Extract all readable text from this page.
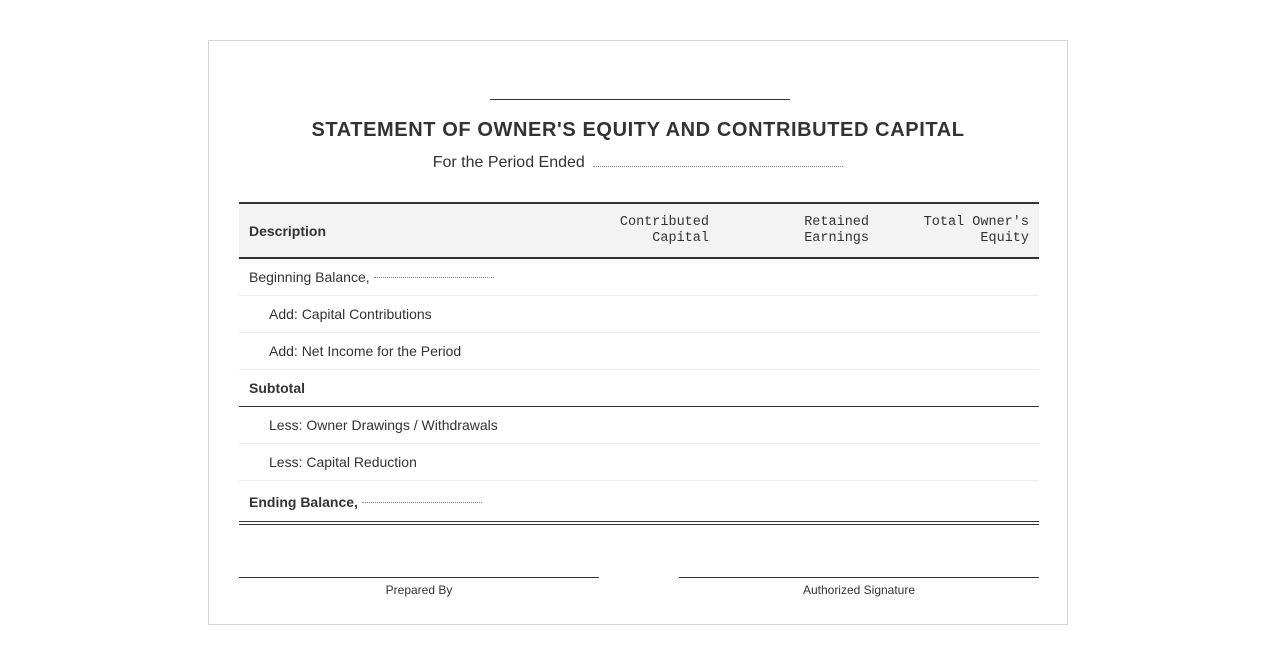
STATEMENT OF OWNER'S EQUITY AND CONTRIBUTED CAPITAL
For the Period Ended
Description
Contributed
Capital
Retained
Earnings
Total Owner's
Equity
Beginning Balance,
Add: Capital Contributions
Add: Net Income for the Period
Subtotal
Less: Owner Drawings / Withdrawals
Less: Capital Reduction
Ending Balance,
Prepared By	Authorized Signature
